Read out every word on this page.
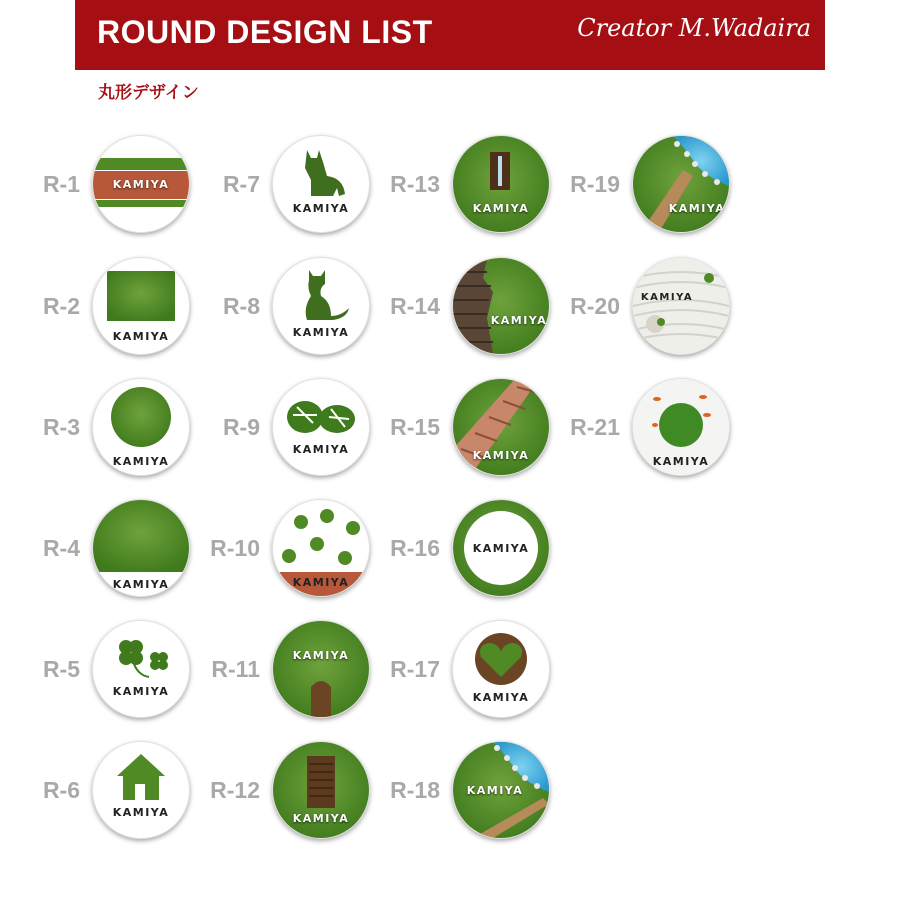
ROUND DESIGN LIST	Creator M.Wadaira
丸形デザイン
R-1	KAMIYA
R-2
KAMIYA
R-3
KAMIYA
R-4
KAMIYA
R-5
KAMIYA
R-6
KAMIYA
R-7
KAMIYA
R-8
KAMIYA
R-9
KAMIYA
R-10
KAMIYA
R-11
KAMIYA
R-12
KAMIYA
R-13
KAMIYA
R-14
KAMIYA
R-15
KAMIYA
R-16	KAMIYA
R-17
KAMIYA
R-18	KAMIYA
R-19
KAMIYA
R-20	KAMIYA
R-21
KAMIYA
